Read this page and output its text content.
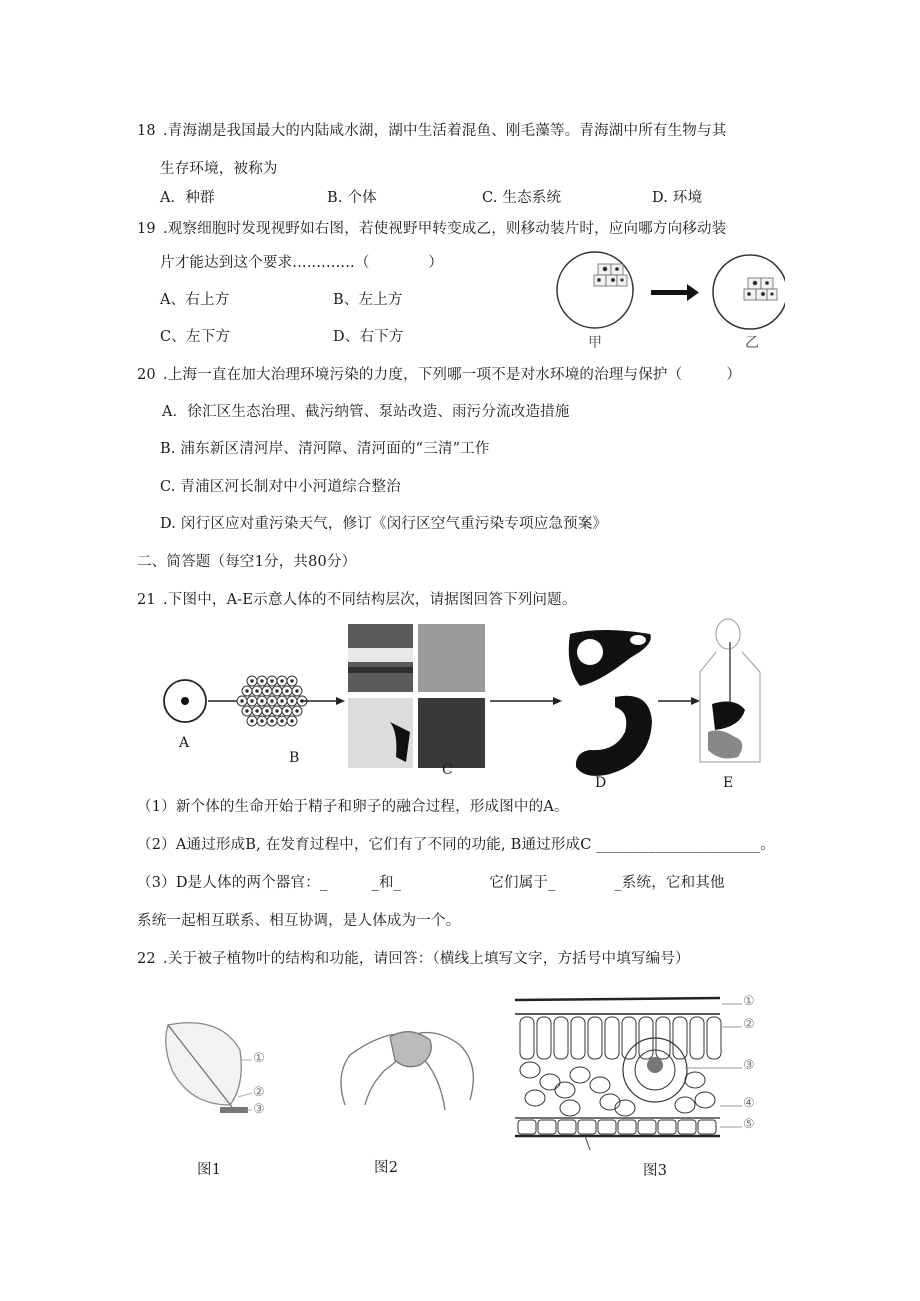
18 .青海湖是我国最大的内陆咸水湖，湖中生活着混鱼、刚毛藻等。青海湖中所有生物与其
生存环境，被称为
A．种群	B. 个体	C. 生态系统	D. 环境
19 .观察细胞时发现视野如右图，若使视野甲转变成乙，则移动装片时，应向哪方向移动装
片才能达到这个要求.............（　　　　）
A、右上方	B、左上方
C、左下方	D、右下方	甲	乙
20 .上海一直在加大治理环境污染的力度，下列哪一项不是对水环境的治理与保护（　　　）
A．徐汇区生态治理、截污纳管、泵站改造、雨污分流改造措施
B. 浦东新区清河岸、清河障、清河面的“三清”工作
C. 青浦区河长制对中小河道综合整治
D. 闵行区应对重污染天气，修订《闵行区空气重污染专项应急预案》
二、简答题（每空1分，共80分）
21 .下图中，A-E示意人体的不同结构层次，请据图回答下列问题。
A
B
C
D	E
（1）新个体的生命开始于精子和卵子的融合过程，形成图中的A。
（2）A通过形成B, 在发育过程中，它们有了不同的功能, B通过形成C ______________________。
（3）D是人体的两个器官：_　　　_和_　　　　　　它们属于_　　　　_系统，它和其他
系统一起相互联系、相互协调，是人体成为一个。
22 .关于被子植物叶的结构和功能，请回答：（横线上填写文字，方括号中填写编号）
①
②
③
图1	图2
①
②
③
④
⑤
图3
